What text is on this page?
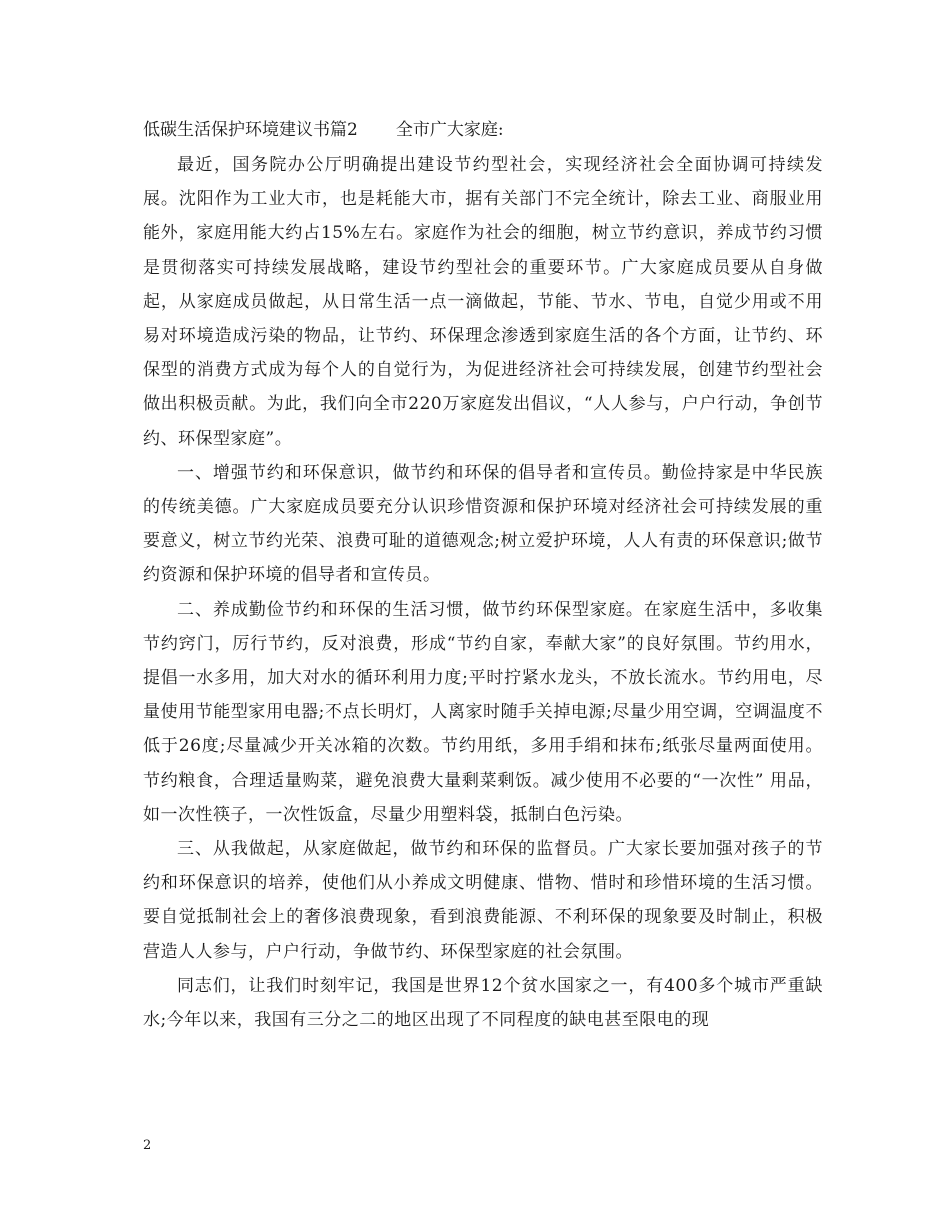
低碳生活保护环境建议书篇2 全市广大家庭:

最近，国务院办公厅明确提出建设节约型社会，实现经济社会全面协调可持续发展。沈阳作为工业大市，也是耗能大市，据有关部门不完全统计，除去工业、商服业用能外，家庭用能大约占15%左右。家庭作为社会的细胞，树立节约意识，养成节约习惯是贯彻落实可持续发展战略，建设节约型社会的重要环节。广大家庭成员要从自身做起，从家庭成员做起，从日常生活一点一滴做起，节能、节水、节电，自觉少用或不用易对环境造成污染的物品，让节约、环保理念渗透到家庭生活的各个方面，让节约、环保型的消费方式成为每个人的自觉行为，为促进经济社会可持续发展，创建节约型社会做出积极贡献。为此，我们向全市220万家庭发出倡议，“人人参与，户户行动，争创节约、环保型家庭”。

一、增强节约和环保意识，做节约和环保的倡导者和宣传员。勤俭持家是中华民族的传统美德。广大家庭成员要充分认识珍惜资源和保护环境对经济社会可持续发展的重要意义，树立节约光荣、浪费可耻的道德观念;树立爱护环境，人人有责的环保意识;做节约资源和保护环境的倡导者和宣传员。

二、养成勤俭节约和环保的生活习惯，做节约环保型家庭。在家庭生活中，多收集节约窍门，厉行节约，反对浪费，形成“节约自家，奉献大家”的良好氛围。节约用水，提倡一水多用，加大对水的循环利用力度;平时拧紧水龙头，不放长流水。节约用电，尽量使用节能型家用电器;不点长明灯，人离家时随手关掉电源;尽量少用空调，空调温度不低于26度;尽量减少开关冰箱的次数。节约用纸，多用手绢和抹布;纸张尽量两面使用。节约粮食，合理适量购菜，避免浪费大量剩菜剩饭。减少使用不必要的“一次性” 用品，如一次性筷子，一次性饭盒，尽量少用塑料袋，抵制白色污染。

三、从我做起，从家庭做起，做节约和环保的监督员。广大家长要加强对孩子的节约和环保意识的培养，使他们从小养成文明健康、惜物、惜时和珍惜环境的生活习惯。要自觉抵制社会上的奢侈浪费现象，看到浪费能源、不利环保的现象要及时制止，积极营造人人参与，户户行动，争做节约、环保型家庭的社会氛围。

同志们，让我们时刻牢记，我国是世界12个贫水国家之一，有400多个城市严重缺水;今年以来，我国有三分之二的地区出现了不同程度的缺电甚至限电的现

2
